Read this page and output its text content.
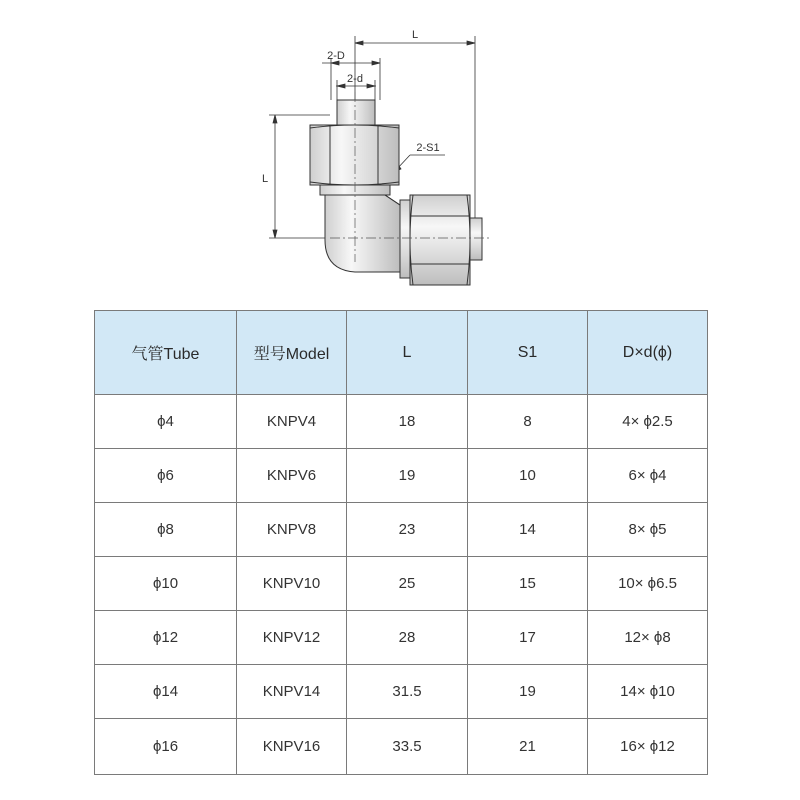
L
2-D
2-d
L
2-S1
气管Tube	型号Model	L	S1	D×d(ϕ)
ϕ4	KNPV4	18	8	4× ϕ2.5
ϕ6	KNPV6	19	10	6× ϕ4
ϕ8	KNPV8	23	14	8× ϕ5
ϕ10	KNPV10	25	15	10× ϕ6.5
ϕ12	KNPV12	28	17	12× ϕ8
ϕ14	KNPV14	31.5	19	14× ϕ10
ϕ16	KNPV16	33.5	21	16× ϕ12
